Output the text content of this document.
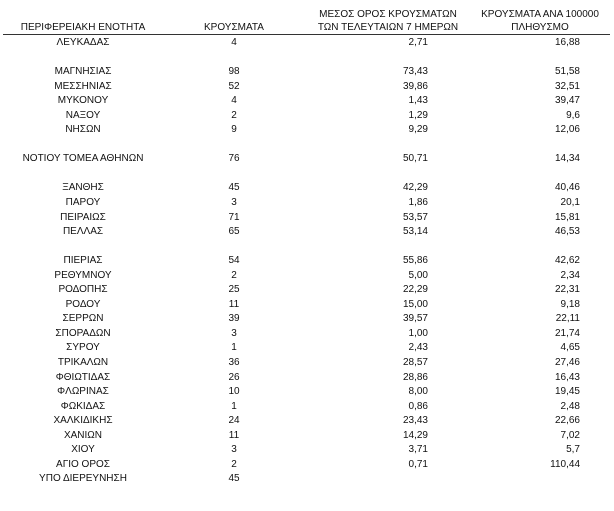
ΠΕΡΙΦΕΡΕΙΑΚΗ ΕΝΟΤΗΤΑ	ΚΡΟΥΣΜΑΤΑ
ΜΕΣΟΣ ΟΡΟΣ ΚΡΟΥΣΜΑΤΩΝ
ΤΩΝ ΤΕΛΕΥΤΑΙΩΝ 7 ΗΜΕΡΩΝ
ΚΡΟΥΣΜΑΤΑ ΑΝΑ 100000
ΠΛΗΘΥΣΜΟ
ΛΕΥΚΑΔΑΣ	4	2,71	16,88
ΜΑΓΝΗΣΙΑΣ	98	73,43	51,58
ΜΕΣΣΗΝΙΑΣ	52	39,86	32,51
ΜΥΚΟΝΟΥ	4	1,43	39,47
ΝΑΞΟΥ	2	1,29	9,6
ΝΗΣΩΝ	9	9,29	12,06
ΝΟΤΙΟΥ ΤΟΜΕΑ ΑΘΗΝΩΝ	76	50,71	14,34
ΞΑΝΘΗΣ	45	42,29	40,46
ΠΑΡΟΥ	3	1,86	20,1
ΠΕΙΡΑΙΩΣ	71	53,57	15,81
ΠΕΛΛΑΣ	65	53,14	46,53
ΠΙΕΡΙΑΣ	54	55,86	42,62
ΡΕΘΥΜΝΟΥ	2	5,00	2,34
ΡΟΔΟΠΗΣ	25	22,29	22,31
ΡΟΔΟΥ	11	15,00	9,18
ΣΕΡΡΩΝ	39	39,57	22,11
ΣΠΟΡΑΔΩΝ	3	1,00	21,74
ΣΥΡΟΥ	1	2,43	4,65
ΤΡΙΚΑΛΩΝ	36	28,57	27,46
ΦΘΙΩΤΙΔΑΣ	26	28,86	16,43
ΦΛΩΡΙΝΑΣ	10	8,00	19,45
ΦΩΚΙΔΑΣ	1	0,86	2,48
ΧΑΛΚΙΔΙΚΗΣ	24	23,43	22,66
ΧΑΝΙΩΝ	11	14,29	7,02
ΧΙΟΥ	3	3,71	5,7
ΑΓΙΟ ΟΡΟΣ	2	0,71	110,44
ΥΠΟ ΔΙΕΡΕΥΝΗΣΗ	45
